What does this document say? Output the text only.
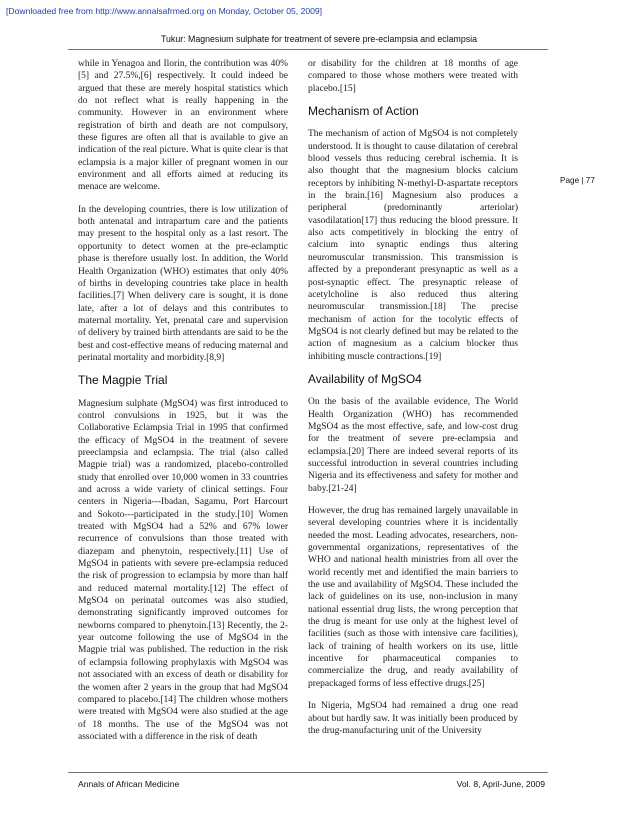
[Downloaded free from http://www.annalsafrmed.org on Monday, October 05, 2009]
Tukur: Magnesium sulphate for treatment of severe pre-eclampsia and eclampsia
Page | 77

while in Yenagoa and Ilorin, the contribution was 40%[5] and 27.5%,[6] respectively. It could indeed be argued that these are merely hospital statistics which do not reflect what is really happening in the community. However in an environment where registration of birth and death are not compulsory, these figures are often all that is available to give an indication of the real picture. What is quite clear is that eclampsia is a major killer of pregnant women in our environment and all efforts aimed at reducing its menace are welcome.

In the developing countries, there is low utilization of both antenatal and intrapartum care and the patients may present to the hospital only as a last resort. The opportunity to detect women at the pre-eclamptic phase is therefore usually lost. In addition, the World Health Organization (WHO) estimates that only 40% of births in developing countries take place in health facilities.[7] When delivery care is sought, it is done late, after a lot of delays and this contributes to maternal mortality. Yet, prenatal care and supervision of delivery by trained birth attendants are said to be the best and cost-effective means of reducing maternal and perinatal mortality and morbidity.[8,9]

The Magpie Trial

Magnesium sulphate (MgSO4) was first introduced to control convulsions in 1925, but it was the Collaborative Eclampsia Trial in 1995 that confirmed the efficacy of MgSO4 in the treatment of severe preeclampsia and eclampsia. The trial (also called Magpie trial) was a randomized, placebo-controlled study that enrolled over 10,000 women in 33 countries and across a wide variety of clinical settings. Four centers in Nigeria---Ibadan, Sagamu, Port Harcourt and Sokoto---participated in the study.[10] Women treated with MgSO4 had a 52% and 67% lower recurrence of convulsions than those treated with diazepam and phenytoin, respectively.[11] Use of MgSO4 in patients with severe pre-eclampsia reduced the risk of progression to eclampsia by more than half and reduced maternal mortality.[12] The effect of MgSO4 on perinatal outcomes was also studied, demonstrating significantly improved outcomes for newborns compared to phenytoin.[13] Recently, the 2-year outcome following the use of MgSO4 in the Magpie trial was published. The reduction in the risk of eclampsia following prophylaxis with MgSO4 was not associated with an excess of death or disability for the women after 2 years in the group that had MgSO4 compared to placebo.[14] The children whose mothers were treated with MgSO4 were also studied at the age of 18 months. The use of the MgSO4 was not associated with a difference in the risk of death

or disability for the children at 18 months of age compared to those whose mothers were treated with placebo.[15]

Mechanism of Action

The mechanism of action of MgSO4 is not completely understood. It is thought to cause dilatation of cerebral blood vessels thus reducing cerebral ischemia. It is also thought that the magnesium blocks calcium receptors by inhibiting N-methyl-D-aspartate receptors in the brain.[16] Magnesium also produces a peripheral (predominantly arteriolar) vasodilatation[17] thus reducing the blood pressure. It also acts competitively in blocking the entry of calcium into synaptic endings thus altering neuromuscular transmission. This transmission is affected by a preponderant presynaptic as well as a post-synaptic effect. The presynaptic release of acetylcholine is also reduced thus altering neuromuscular transmission.[18] The precise mechanism of action for the tocolytic effects of MgSO4 is not clearly defined but may be related to the action of magnesium as a calcium blocker thus inhibiting muscle contractions.[19]

Availability of MgSO4

On the basis of the available evidence, The World Health Organization (WHO) has recommended MgSO4 as the most effective, safe, and low-cost drug for the treatment of severe pre-eclampsia and eclampsia.[20] There are indeed several reports of its successful introduction in several countries including Nigeria and its effectiveness and safety for mother and baby.[21-24]

However, the drug has remained largely unavailable in several developing countries where it is incidentally needed the most. Leading advocates, researchers, non-governmental organizations, representatives of the WHO and national health ministries from all over the world recently met and identified the main barriers to the use and availability of MgSO4. These included the lack of guidelines on its use, non-inclusion in many national essential drug lists, the wrong perception that the drug is meant for use only at the highest level of facilities (such as those with intensive care facilities), lack of training of health workers on its use, little incentive for pharmaceutical companies to commercialize the drug, and ready availability of prepackaged forms of less effective drugs.[25]

In Nigeria, MgSO4 had remained a drug one read about but hardly saw. It was initially been produced by the drug-manufacturing unit of the University

Annals of African Medicine	Vol. 8, April-June, 2009
